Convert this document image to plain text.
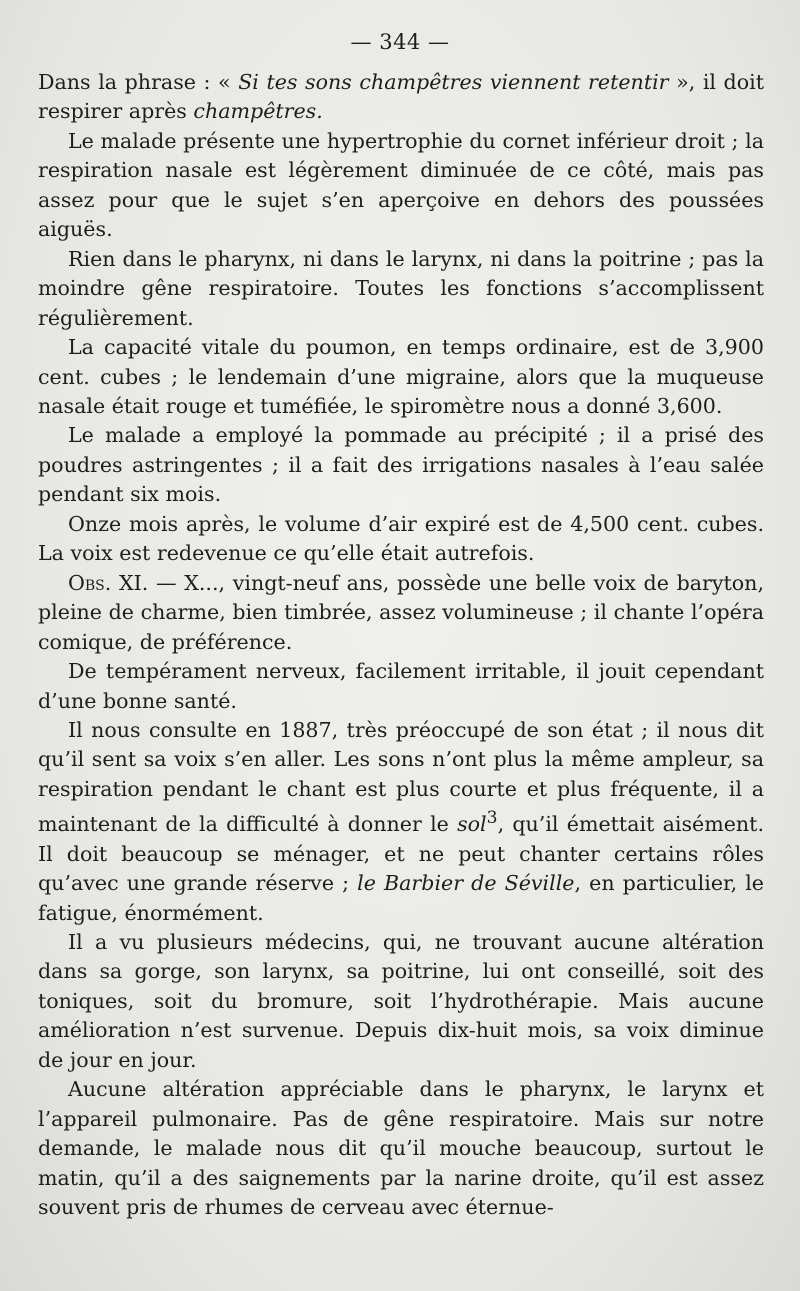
— 344 —

Dans la phrase : « Si tes sons champêtres viennent retentir », il doit respirer après champêtres.

Le malade présente une hypertrophie du cornet inférieur droit ; la respiration nasale est légèrement diminuée de ce côté, mais pas assez pour que le sujet s’en aperçoive en dehors des poussées aiguës.

Rien dans le pharynx, ni dans le larynx, ni dans la poitrine ; pas la moindre gêne respiratoire. Toutes les fonctions s’accomplissent régulièrement.

La capacité vitale du poumon, en temps ordinaire, est de 3,900 cent. cubes ; le lendemain d’une migraine, alors que la muqueuse nasale était rouge et tuméfiée, le spiromètre nous a donné 3,600.

Le malade a employé la pommade au précipité ; il a prisé des poudres astringentes ; il a fait des irrigations nasales à l’eau salée pendant six mois.

Onze mois après, le volume d’air expiré est de 4,500 cent. cubes. La voix est redevenue ce qu’elle était autrefois.

Obs. XI. — X..., vingt-neuf ans, possède une belle voix de baryton, pleine de charme, bien timbrée, assez volumineuse ; il chante l’opéra comique, de préférence.

De tempérament nerveux, facilement irritable, il jouit cependant d’une bonne santé.

Il nous consulte en 1887, très préoccupé de son état ; il nous dit qu’il sent sa voix s’en aller. Les sons n’ont plus la même ampleur, sa respiration pendant le chant est plus courte et plus fréquente, il a maintenant de la difficulté à donner le sol$^3$, qu’il émettait aisément. Il doit beaucoup se ménager, et ne peut chanter certains rôles qu’avec une grande réserve ; le Barbier de Séville, en particulier, le fatigue, énormément.

Il a vu plusieurs médecins, qui, ne trouvant aucune altération dans sa gorge, son larynx, sa poitrine, lui ont conseillé, soit des toniques, soit du bromure, soit l’hydrothérapie. Mais aucune amélioration n’est survenue. Depuis dix-huit mois, sa voix diminue de jour en jour.

Aucune altération appréciable dans le pharynx, le larynx et l’appareil pulmonaire. Pas de gêne respiratoire. Mais sur notre demande, le malade nous dit qu’il mouche beaucoup, surtout le matin, qu’il a des saignements par la narine droite, qu’il est assez souvent pris de rhumes de cerveau avec éternue-
